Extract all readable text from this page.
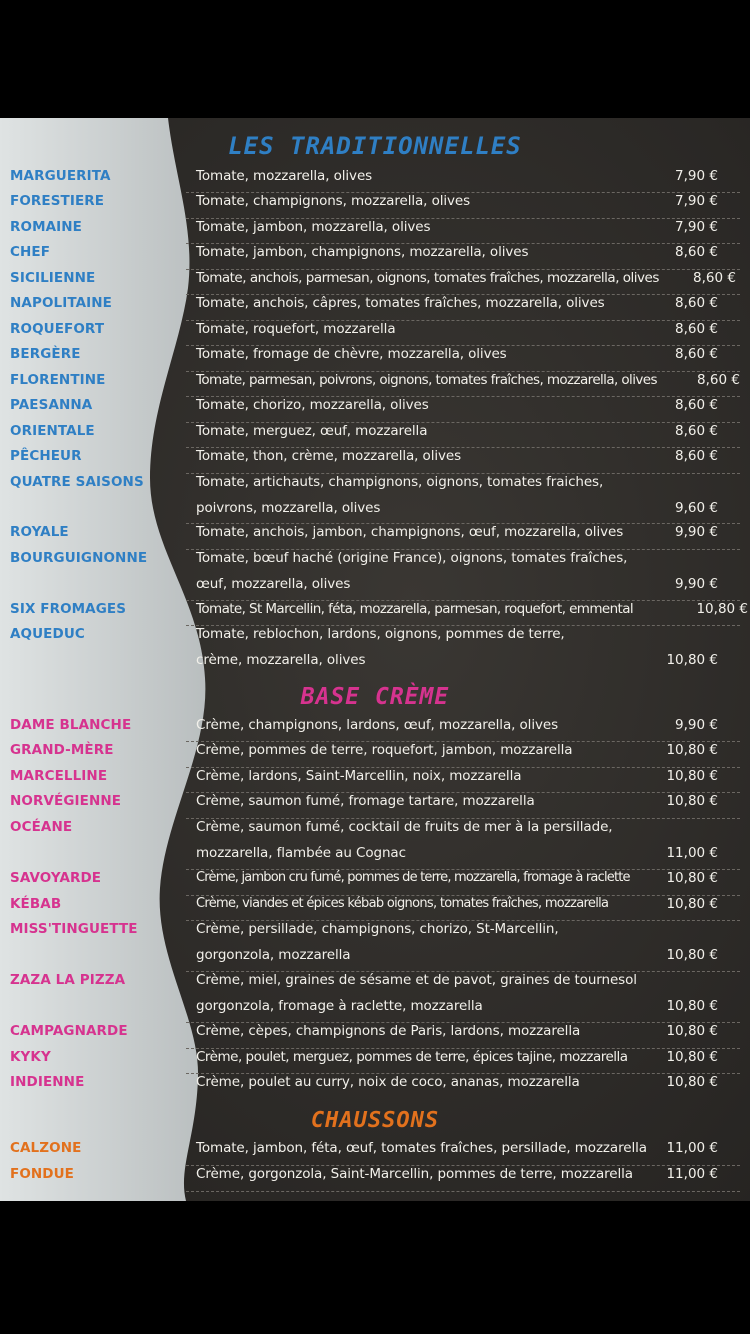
LES TRADITIONNELLES
MARGUERITA	Tomate, mozzarella, olives	7,90 €
FORESTIERE	Tomate, champignons, mozzarella, olives	7,90 €
ROMAINE	Tomate, jambon, mozzarella, olives	7,90 €
CHEF	Tomate, jambon, champignons, mozzarella, olives	8,60 €
SICILIENNE	Tomate, anchois, parmesan, oignons, tomates fraîches, mozzarella, olives	8,60 €
NAPOLITAINE	Tomate, anchois, câpres, tomates fraîches, mozzarella, olives	8,60 €
ROQUEFORT	Tomate, roquefort, mozzarella	8,60 €
BERGÈRE	Tomate, fromage de chèvre, mozzarella, olives	8,60 €
FLORENTINE	Tomate, parmesan, poivrons, oignons, tomates fraîches, mozzarella, olives	8,60 €
PAESANNA	Tomate, chorizo, mozzarella, olives	8,60 €
ORIENTALE	Tomate, merguez, œuf, mozzarella	8,60 €
PÊCHEUR	Tomate, thon, crème, mozzarella, olives	8,60 €
QUATRE SAISONS	Tomate, artichauts, champignons, oignons, tomates fraiches,
poivrons, mozzarella, olives	9,60 €
ROYALE	Tomate, anchois, jambon, champignons, œuf, mozzarella, olives	9,90 €
BOURGUIGNONNE	Tomate, bœuf haché (origine France), oignons, tomates fraîches,
œuf, mozzarella, olives	9,90 €
SIX FROMAGES	Tomate, St Marcellin, féta, mozzarella, parmesan, roquefort, emmental	10,80 €
AQUEDUC	Tomate, reblochon, lardons, oignons, pommes de terre,
crème, mozzarella, olives	10,80 €
BASE CRÈME
DAME BLANCHE	Crème, champignons, lardons, œuf, mozzarella, olives	9,90 €
GRAND-MÈRE	Crème, pommes de terre, roquefort, jambon, mozzarella	10,80 €
MARCELLINE	Crème, lardons, Saint-Marcellin, noix, mozzarella	10,80 €
NORVÉGIENNE	Crème, saumon fumé, fromage tartare, mozzarella	10,80 €
OCÉANE	Crème, saumon fumé, cocktail de fruits de mer à la persillade,
mozzarella, flambée au Cognac	11,00 €
SAVOYARDE	Crème, jambon cru fumé, pommes de terre, mozzarella, fromage à raclette	10,80 €
KÉBAB	Crème, viandes et épices kébab oignons, tomates fraîches, mozzarella	10,80 €
MISS'TINGUETTE	Crème, persillade, champignons, chorizo, St-Marcellin,
gorgonzola, mozzarella	10,80 €
ZAZA LA PIZZA	Crème, miel, graines de sésame et de pavot, graines de tournesol
gorgonzola, fromage à raclette, mozzarella	10,80 €
CAMPAGNARDE	Crème, cèpes, champignons de Paris, lardons, mozzarella	10,80 €
KYKY	Crème, poulet, merguez, pommes de terre, épices tajine, mozzarella	10,80 €
INDIENNE	Crème, poulet au curry, noix de coco, ananas, mozzarella	10,80 €
CHAUSSONS
CALZONE	Tomate, jambon, féta, œuf, tomates fraîches, persillade, mozzarella 11,00 €
FONDUE	Crème, gorgonzola, Saint-Marcellin, pommes de terre, mozzarella 11,00 €
